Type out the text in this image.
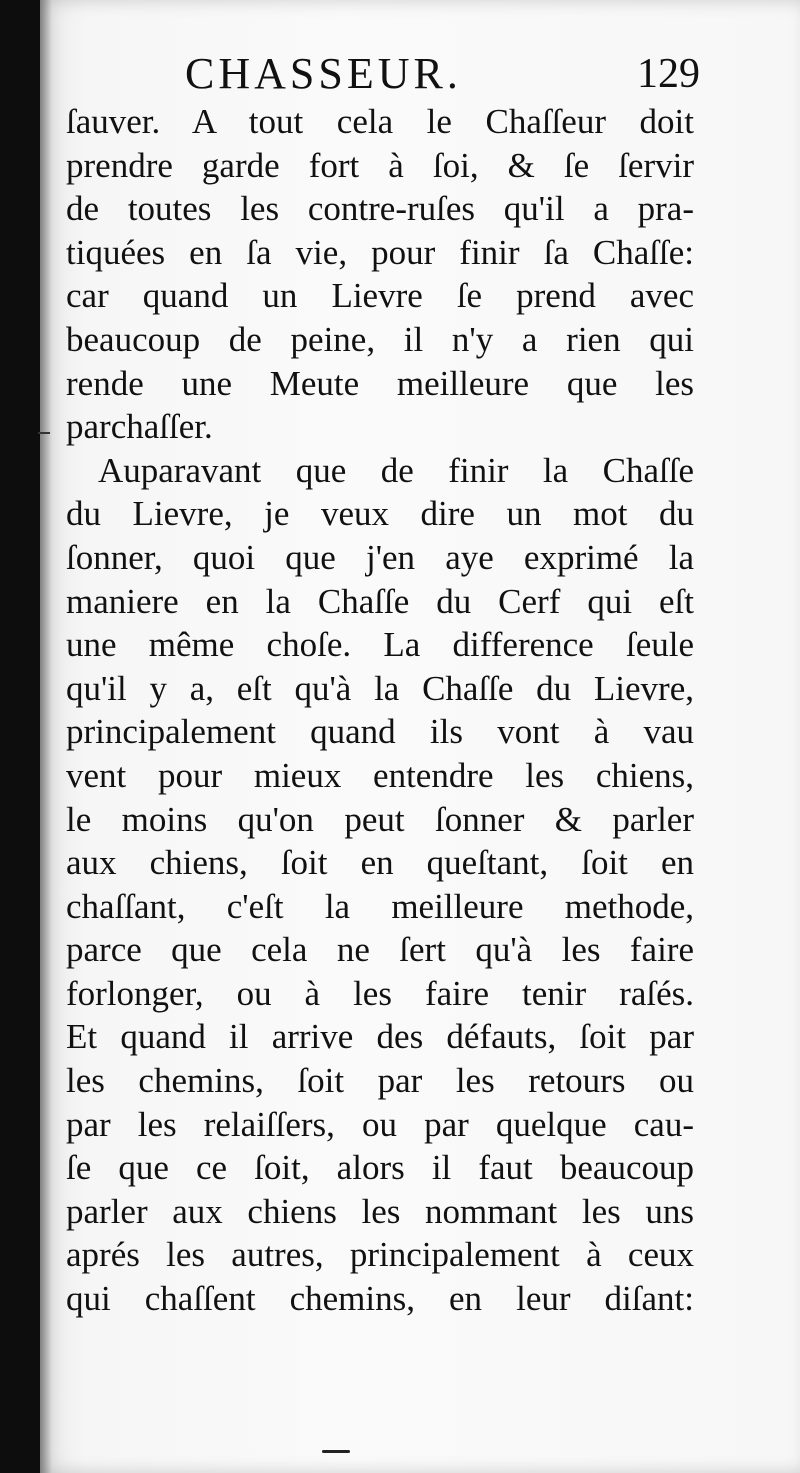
CHASSEUR.	129
ſauver. A tout cela le Chaſſeur doit
prendre garde fort à ſoi, & ſe ſervir
de toutes les contre-ruſes qu'il a pra-
tiquées en ſa vie, pour finir ſa Chaſſe:
car quand un Lievre ſe prend avec
beaucoup de peine, il n'y a rien qui
rende une Meute meilleure que les
parchaſſer.
Auparavant que de finir la Chaſſe
du Lievre, je veux dire un mot du
ſonner, quoi que j'en aye exprimé la
maniere en la Chaſſe du Cerf qui eſt
une même choſe. La difference ſeule
qu'il y a, eſt qu'à la Chaſſe du Lievre,
principalement quand ils vont à vau
vent pour mieux entendre les chiens,
le moins qu'on peut ſonner & parler
aux chiens, ſoit en queſtant, ſoit en
chaſſant, c'eſt la meilleure methode,
parce que cela ne ſert qu'à les faire
forlonger, ou à les faire tenir raſés.
Et quand il arrive des défauts, ſoit par
les chemins, ſoit par les retours ou
par les relaiſſers, ou par quelque cau-
ſe que ce ſoit, alors il faut beaucoup
parler aux chiens les nommant les uns
aprés les autres, principalement à ceux
qui chaſſent chemins, en leur diſant:
